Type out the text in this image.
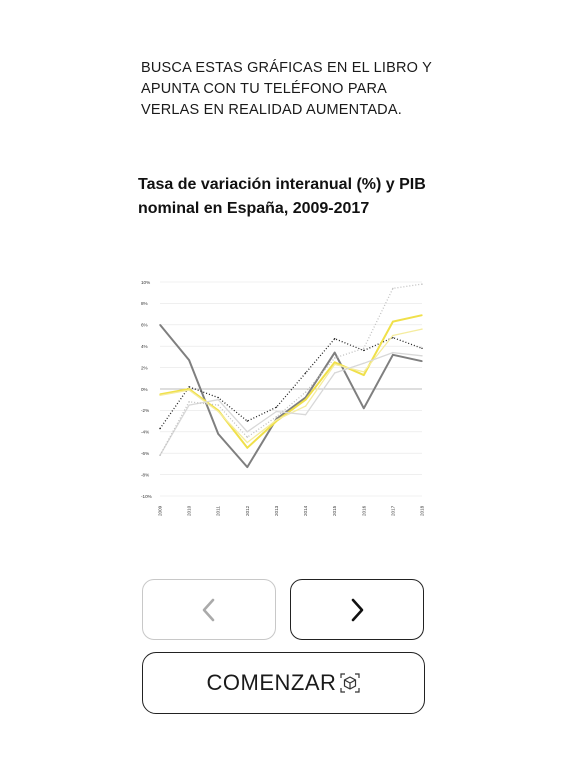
BUSCA ESTAS GRÁFICAS EN EL LIBRO Y
APUNTA CON TU TELÉFONO PARA
VERLAS EN REALIDAD AUMENTADA.
Tasa de variación interanual (%) y PIB
nominal en España, 2009-2017
10%
8%
6%
4%
2%
0%
-2%
-4%
-6%
-8%
-10%
2009	2010	2011	2012	2013	2014	2015	2016	2017	2018
COMENZAR
